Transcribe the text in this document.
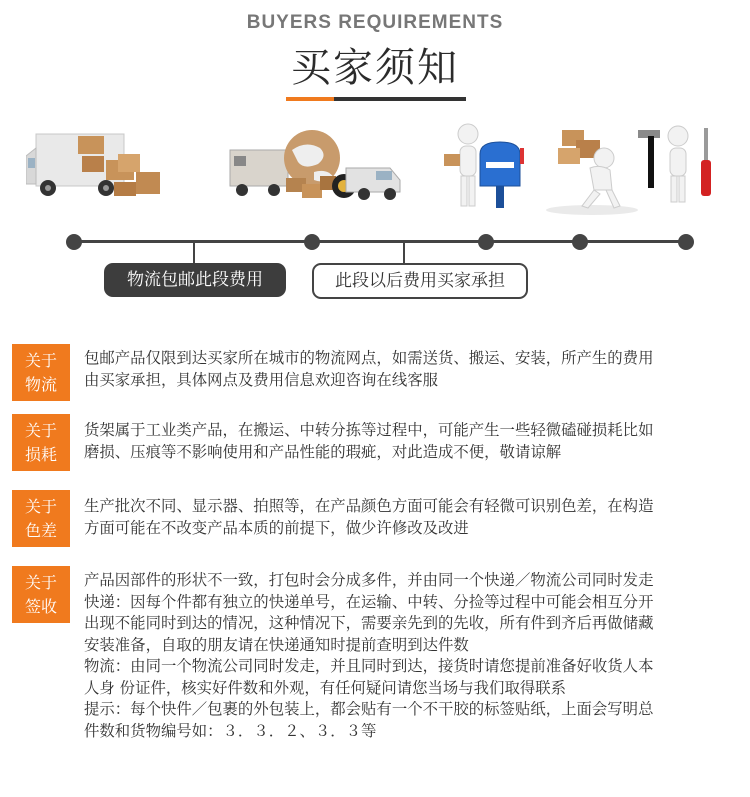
BUYERS REQUIREMENTS
买家须知
物流包邮此段费用	此段以后费用买家承担
关于
物流

包邮产品仅限到达买家所在城市的物流网点，如需送货、搬运、安装，所产生的费用

由买家承担，具体网点及费用信息欢迎咨询在线客服

关于
损耗

货架属于工业类产品，在搬运、中转分拣等过程中，可能产生一些轻微磕碰损耗比如

磨损、压痕等不影响使用和产品性能的瑕疵，对此造成不便，敬请谅解

关于
色差

生产批次不同、显示器、拍照等，在产品颜色方面可能会有轻微可识别色差，在构造

方面可能在不改变产品本质的前提下，做少许修改及改进

关于
签收

产品因部件的形状不一致，打包时会分成多件，并由同一个快递／物流公司同时发走

快递：因每个件都有独立的快递单号，在运输、中转、分捡等过程中可能会相互分开

出现不能同时到达的情况，这种情况下，需要亲先到的先收，所有件到齐后再做储藏

安装准备，自取的朋友请在快递通知时提前查明到达件数

物流：由同一个物流公司同时发走，并且同时到达，接货时请您提前准备好收货人本

人身 份证件，核实好件数和外观，有任何疑问请您当场与我们取得联系

提示：每个快件／包裹的外包装上，都会贴有一个不干胶的标签贴纸，上面会写明总

件数和货物编号如：３．３．２、３．３等
